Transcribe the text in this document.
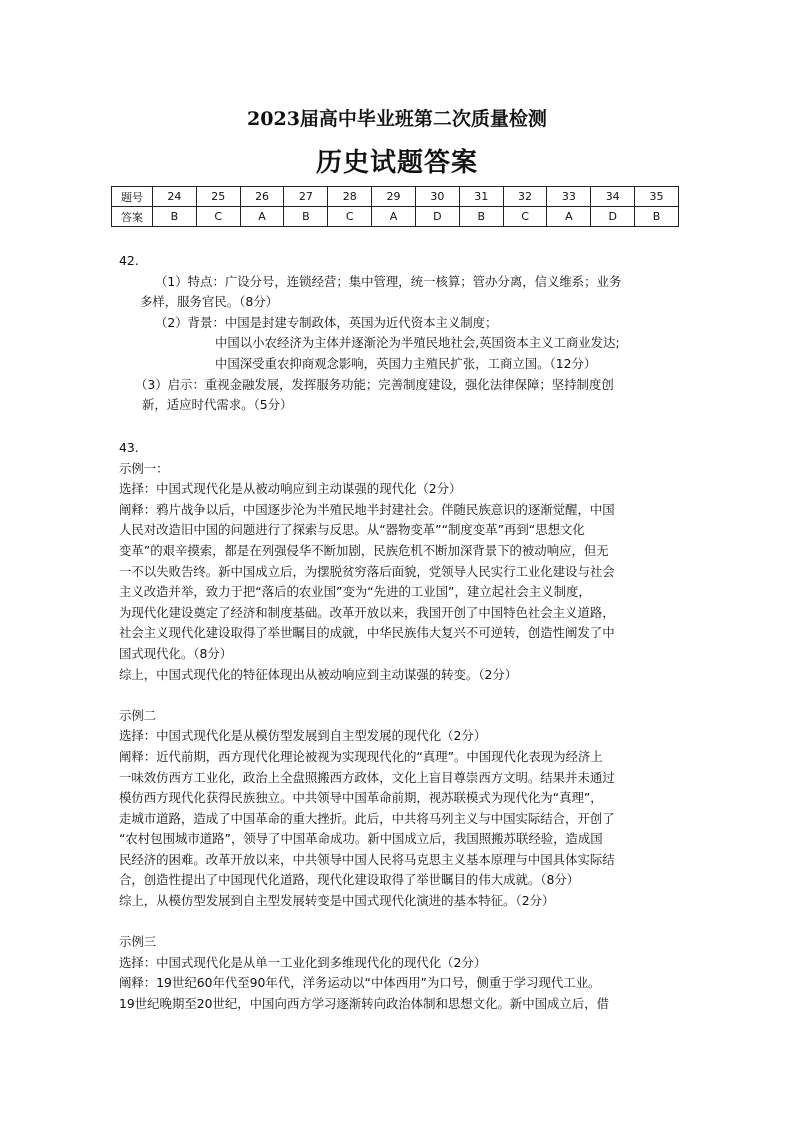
2023届高中毕业班第二次质量检测
历史试题答案
题号	24	25	26	27	28	29	30	31	32	33	34	35
答案	B	C	A	B	C	A	D	B	C	A	D	B

42.

（1）特点：广设分号，连锁经营；集中管理，统一核算；管办分离，信义维系；业务

多样，服务官民。（8分）

（2）背景：中国是封建专制政体，英国为近代资本主义制度；

中国以小农经济为主体并逐渐沦为半殖民地社会,英国资本主义工商业发达;

中国深受重农抑商观念影响，英国力主殖民扩张，工商立国。（12分）

（3）启示：重视金融发展，发挥服务功能；完善制度建设，强化法律保障；坚持制度创

新，适应时代需求。（5分）

43.

示例一：

选择：中国式现代化是从被动响应到主动谋强的现代化（2分）

阐释：鸦片战争以后，中国逐步沦为半殖民地半封建社会。伴随民族意识的逐渐觉醒，中国

人民对改造旧中国的问题进行了探索与反思。从“器物变革”“制度变革”再到“思想文化

变革”的艰辛摸索，都是在列强侵华不断加剧，民族危机不断加深背景下的被动响应，但无

一不以失败告终。新中国成立后，为摆脱贫穷落后面貌，党领导人民实行工业化建设与社会

主义改造并举，致力于把“落后的农业国”变为“先进的工业国”，建立起社会主义制度，

为现代化建设奠定了经济和制度基础。改革开放以来，我国开创了中国特色社会主义道路，

社会主义现代化建设取得了举世瞩目的成就，中华民族伟大复兴不可逆转，创造性阐发了中

国式现代化。（8分）

综上，中国式现代化的特征体现出从被动响应到主动谋强的转变。（2分）

示例二

选择：中国式现代化是从模仿型发展到自主型发展的现代化（2分）

阐释：近代前期，西方现代化理论被视为实现现代化的“真理”。中国现代化表现为经济上

一味效仿西方工业化，政治上全盘照搬西方政体，文化上盲目尊崇西方文明。结果并未通过

模仿西方现代化获得民族独立。中共领导中国革命前期，视苏联模式为现代化为“真理”，

走城市道路，造成了中国革命的重大挫折。此后，中共将马列主义与中国实际结合，开创了

“农村包围城市道路”，领导了中国革命成功。新中国成立后，我国照搬苏联经验，造成国

民经济的困难。改革开放以来，中共领导中国人民将马克思主义基本原理与中国具体实际结

合，创造性提出了中国现代化道路，现代化建设取得了举世瞩目的伟大成就。（8分）

综上，从模仿型发展到自主型发展转变是中国式现代化演进的基本特征。（2分）

示例三

选择：中国式现代化是从单一工业化到多维现代化的现代化（2分）

阐释：19世纪60年代至90年代，洋务运动以“中体西用”为口号，侧重于学习现代工业。

19世纪晚期至20世纪，中国向西方学习逐渐转向政治体制和思想文化。新中国成立后，借
